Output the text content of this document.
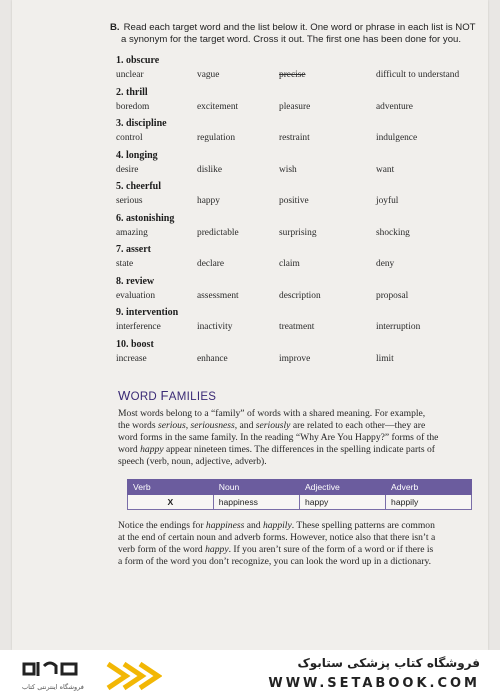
B. Read each target word and the list below it. One word or phrase in each list is NOT
a synonym for the target word. Cross it out. The first one has been done for you.
1. obscure
unclear	vague	precise	difficult to understand
2. thrill
boredom	excitement	pleasure	adventure
3. discipline
control	regulation	restraint	indulgence
4. longing
desire	dislike	wish	want
5. cheerful
serious	happy	positive	joyful
6. astonishing
amazing	predictable	surprising	shocking
7. assert
state	declare	claim	deny
8. review
evaluation	assessment	description	proposal
9. intervention
interference	inactivity	treatment	interruption
10. boost
increase	enhance	improve	limit
WORD FAMILIES
Most words belong to a “family” of words with a shared meaning. For example,
the words serious, seriousness, and seriously are related to each other—they are
word forms in the same family. In the reading “Why Are You Happy?” forms of the
word happy appear nineteen times. The differences in the spelling indicate parts of
speech (verb, noun, adjective, adverb).
Verb	Noun	Adjective	Adverb
X	happiness	happy	happily
Notice the endings for happiness and happily. These spelling patterns are common
at the end of certain noun and adverb forms. However, notice also that there isn’t a
verb form of the word happy. If you aren’t sure of the form of a word or if there is
a form of the word you don’t recognize, you can look the word up in a dictionary.
فروشگاه اینترنتی کتاب
فروشگاه کتاب پزشکی ستابوک
WWW.SETABOOK.COM
